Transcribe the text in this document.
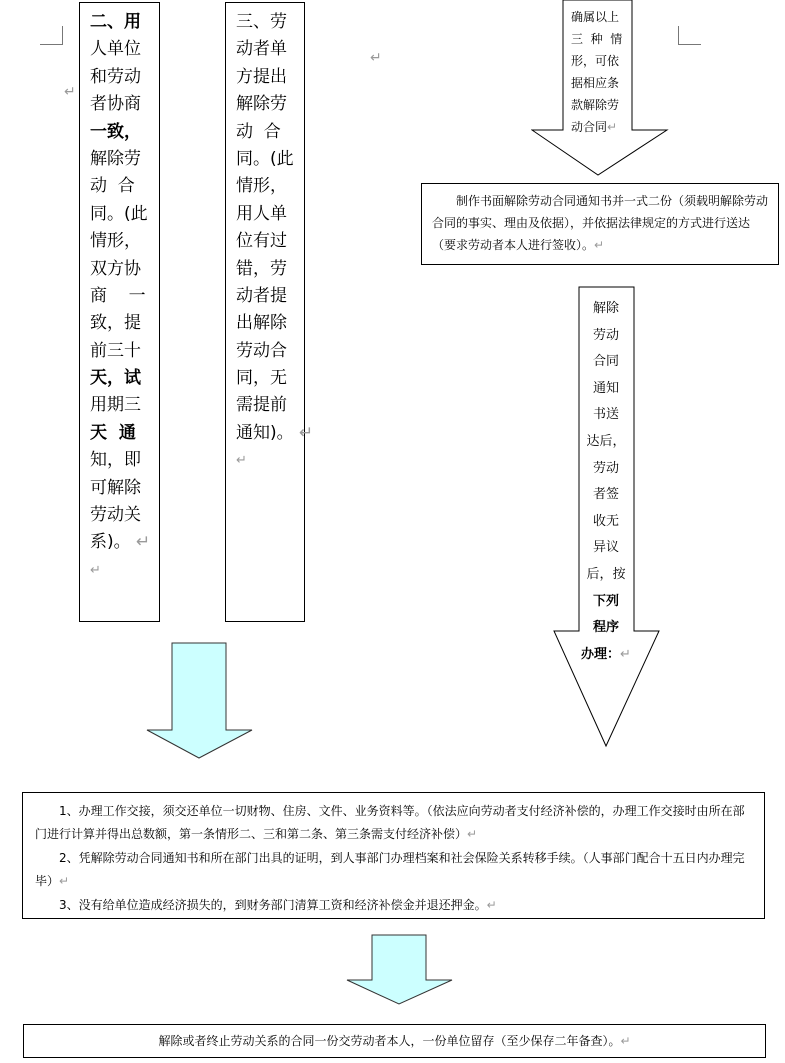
↵
↵
二、用
人单位
和劳动
者协商
一致，
解除劳
动  合
同。(此
情形，
双方协
商    一
致，提
前三十
天，试
用期三
天  通
知，即
可解除
劳动关
系)。 ↵
↵
三、劳
动者单
方提出
解除劳
动  合
同。(此
情形，
用人单
位有过
错，劳
动者提
出解除
劳动合
同，无
需提前
通知)。 ↵
↵
确属以上
三  种  情
形，可依
据相应条
款解除劳
动合同↵
制作书面解除劳动合同通知书并一式二份（须载明解除劳动合同的事实、理由及依据），并依据法律规定的方式进行送达（要求劳动者本人进行签收）。↵
解除
劳动
合同
通知
书送
达后，
劳动
者签
收无
异议
后，按
下列
程序
办理：↵
1、办理工作交接，须交还单位一切财物、住房、文件、业务资料等。（依法应向劳动者支付经济补偿的，办理工作交接时由所在部门进行计算并得出总数额，第一条情形二、三和第二条、第三条需支付经济补偿）↵
2、凭解除劳动合同通知书和所在部门出具的证明，到人事部门办理档案和社会保险关系转移手续。（人事部门配合十五日内办理完毕）↵
3、没有给单位造成经济损失的，到财务部门清算工资和经济补偿金并退还押金。↵
解除或者终止劳动关系的合同一份交劳动者本人，一份单位留存（至少保存二年备查）。↵
